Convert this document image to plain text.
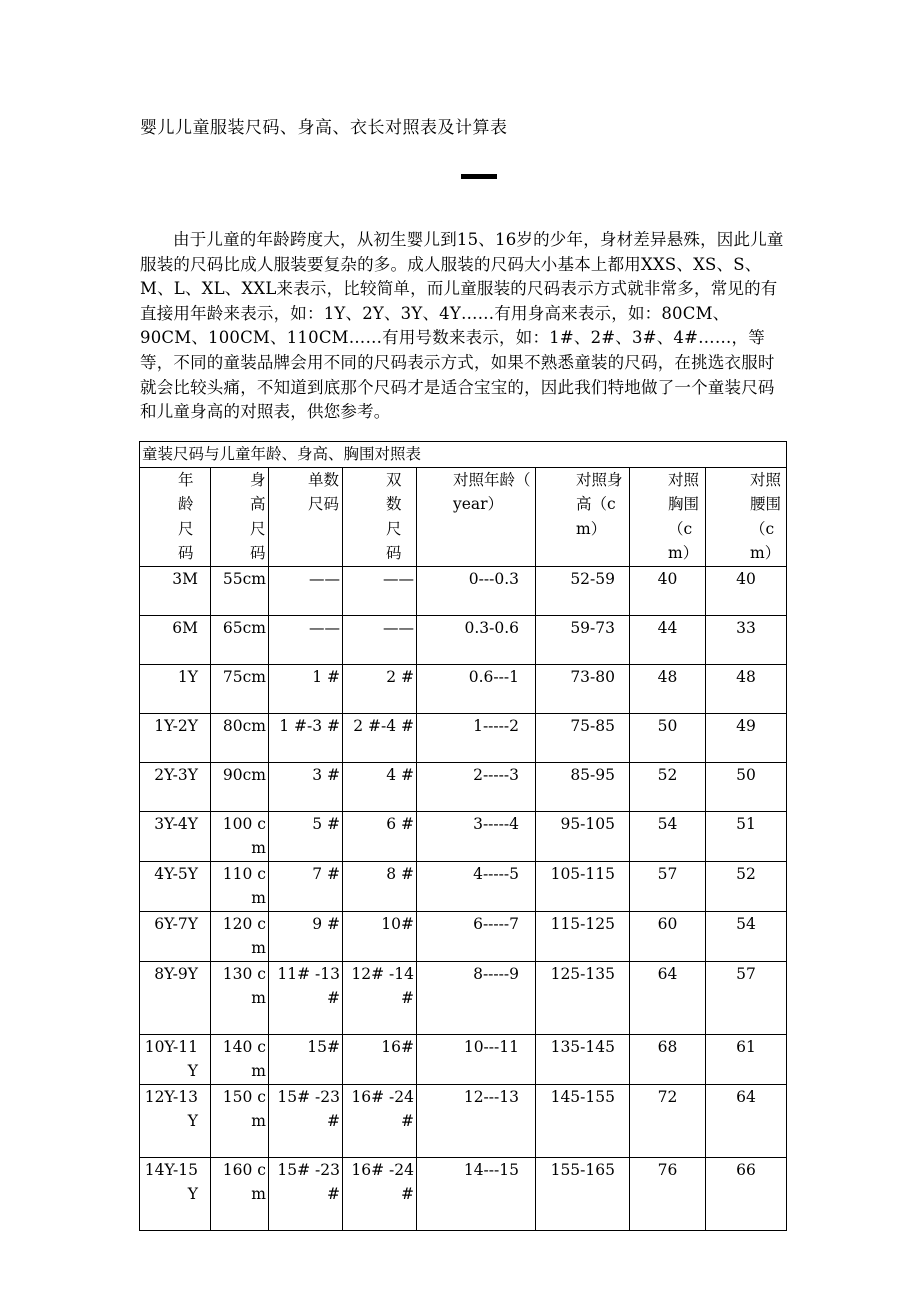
婴儿儿童服装尺码、身高、衣长对照表及计算表

由于儿童的年龄跨度大，从初生婴儿到15、16岁的少年，身材差异悬殊，因此儿童服装的尺码比成人服装要复杂的多。成人服装的尺码大小基本上都用XXS、XS、S、M、L、XL、XXL来表示，比较简单，而儿童服装的尺码表示方式就非常多，常见的有直接用年龄来表示，如：1Y、2Y、3Y、4Y……有用身高来表示，如：80CM、90CM、100CM、110CM……有用号数来表示，如：1#、2#、3#、4#……，等等，不同的童装品牌会用不同的尺码表示方式，如果不熟悉童装的尺码，在挑选衣服时就会比较头痛，不知道到底那个尺码才是适合宝宝的，因此我们特地做了一个童装尺码和儿童身高的对照表，供您参考。

童装尺码与儿童年龄、身高、胸围对照表							
年龄尺码	身高尺码	单数尺码	双数尺码	对照年龄（ year）	对照身高（cm）	对照胸围（cm）	对照腰围（cm）
3M	55cm	——	——	0---0.3	52-59	40	40
6M	65cm	——	——	0.3-0.6	59-73	44	33
1Y	75cm	1 #	2 #	0.6---1	73-80	48	48
1Y-2Y	80cm	1 #-3 #	2 #-4 #	1-----2	75-85	50	49
2Y-3Y	90cm	3 #	4 #	2-----3	85-95	52	50
3Y-4Y	100 cm	5 #	6 #	3-----4	95-105	54	51
4Y-5Y	110 cm	7 #	8 #	4-----5	105-115	57	52
6Y-7Y	120 cm	9 #	10#	6-----7	115-125	60	54
8Y-9Y	130 cm	11# -13#	12# -14#	8-----9	125-135	64	57
10Y-11Y	140 cm	15#	16#	10---11	135-145	68	61
12Y-13Y	150 cm	15# -23#	16# -24#	12---13	145-155	72	64
14Y-15Y	160 cm	15# -23#	16# -24#	14---15	155-165	76	66
